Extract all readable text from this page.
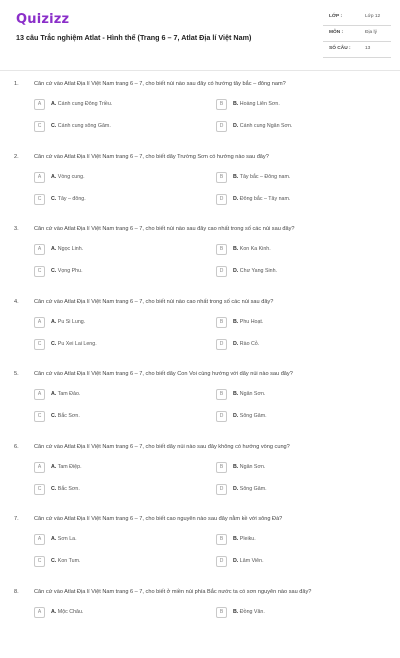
Quizizz
13 câu Trắc nghiệm Atlat - Hình thể (Trang 6 – 7, Atlat Địa lí Việt Nam)
LỚP :	Lớp 12
MÔN :	Địa lý
SỐ CÂU :	13
1.	Căn cứ vào Atlat Địa lí Việt Nam trang 6 – 7, cho biết núi nào sau đây có hướng tây bắc – đông nam?
A	A. Cánh cung Đông Triều.	B	B. Hoàng Liên Sơn.
C	C. Cánh cung sông Gâm.	D	D. Cánh cung Ngân Sơn.
2.	Căn cứ vào Atlat Địa lí Việt Nam trang 6 – 7, cho biết dãy Trường Sơn có hướng nào sau đây?
A	A. Vòng cung.	B	B. Tây bắc – Đông nam.
C	C. Tây – đông.	D	D. Đông bắc – Tây nam.
3.	Căn cứ vào Atlat Địa lí Việt Nam trang 6 – 7, cho biết núi nào sau đây cao nhất trong số các núi sau đây?
A	A. Ngọc Linh.	B	B. Kon Ka Kinh.
C	C. Vọng Phu.	D	D. Chư Yang Sinh.
4.	Căn cứ vào Atlat Địa lí Việt Nam trang 6 – 7, cho biết núi nào cao nhất trong số các núi sau đây?
A	A. Pu Si Lung.	B	B. Phu Hoạt.
C	C. Pu Xei Lai Leng.	D	D. Rào Cỏ.
5.	Căn cứ vào Atlat Địa lí Việt Nam trang 6 – 7, cho biết dãy Con Voi cùng hướng với dãy núi nào sau đây?
A	A. Tam Đảo.	B	B. Ngân Sơn.
C	C. Bắc Sơn.	D	D. Sông Gâm.
6.	Căn cứ vào Atlat Địa lí Việt Nam trang 6 – 7, cho biết dãy núi nào sau đây không có hướng vòng cung?
A	A. Tam Điệp.	B	B. Ngân Sơn.
C	C. Bắc Sơn.	D	D. Sông Gâm.
7.	Căn cứ vào Atlat Địa lí Việt Nam trang 6 – 7, cho biết cao nguyên nào sau đây nằm kề với sông Đà?
A	A. Sơn La.	B	B. Pleiku.
C	C. Kon Tum.	D	D. Lâm Viên.
8.	Căn cứ vào Atlat Địa lí Việt Nam trang 6 – 7, cho biết ở miền núi phía Bắc nước ta có sơn nguyên nào sau đây?
A	A. Mộc Châu.	B	B. Đồng Văn.
